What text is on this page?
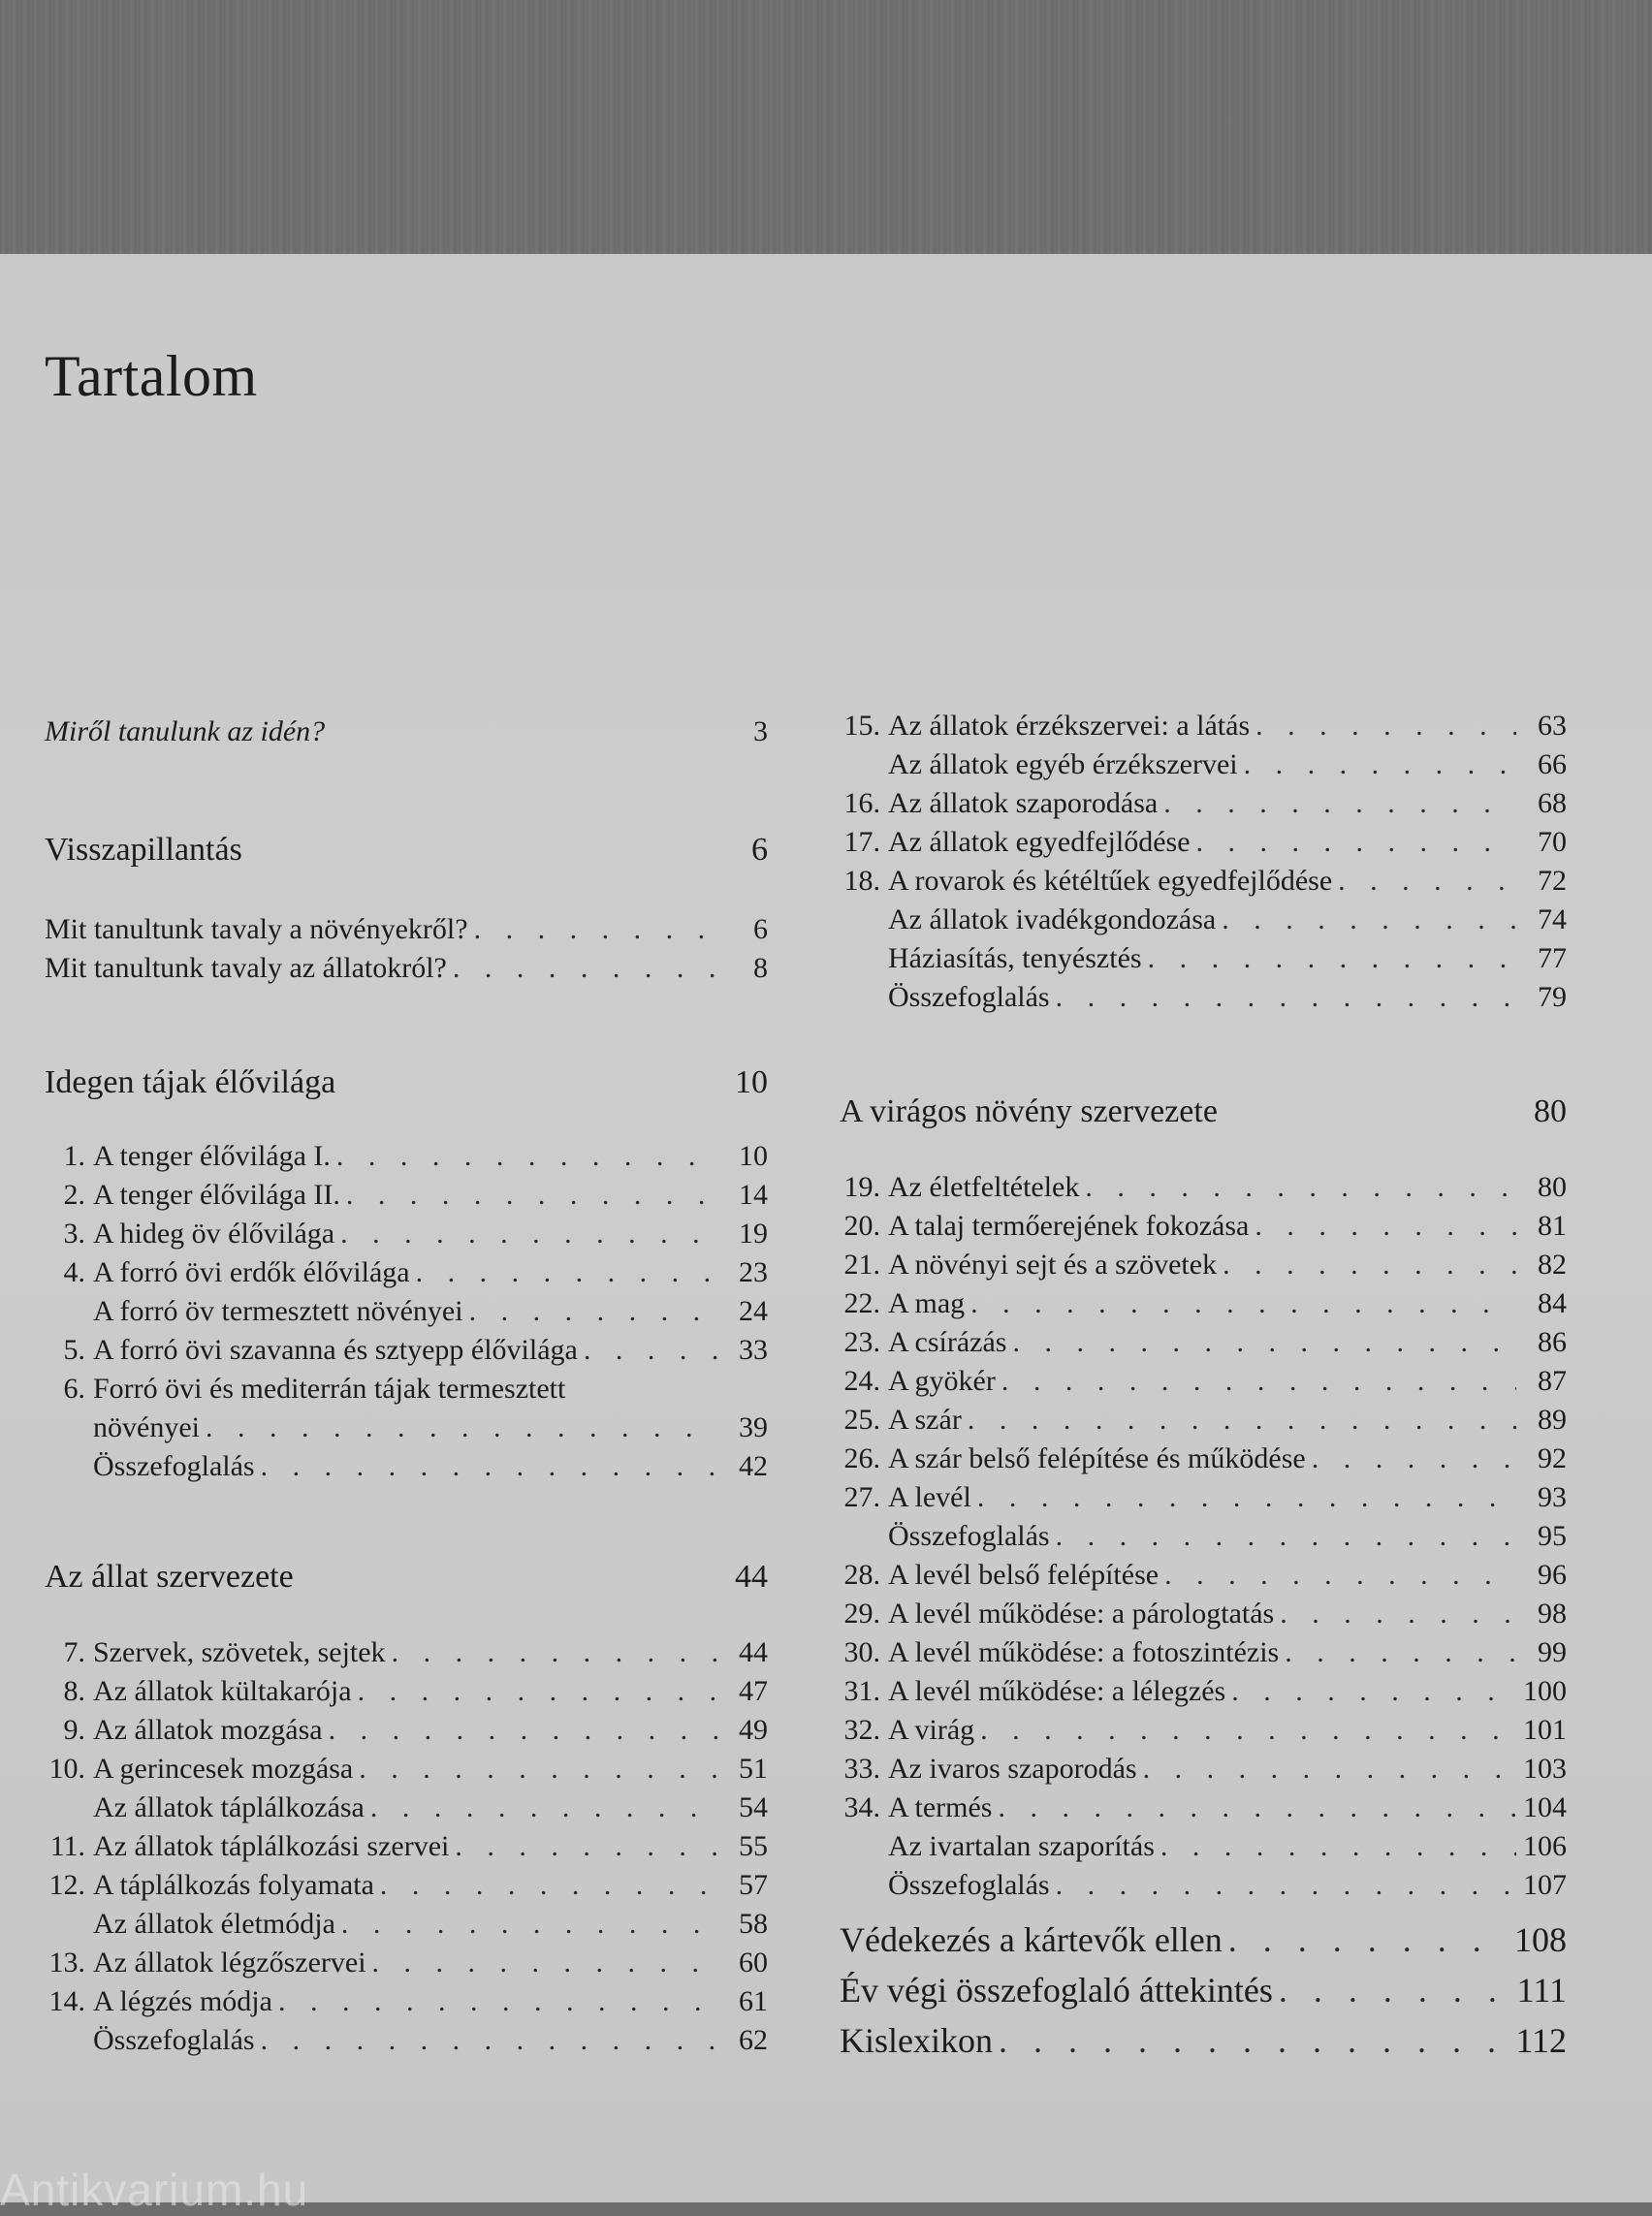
Tartalom
Miről tanulunk az idén?	3
Visszapillantás	6
Mit tanultunk tavaly a növényekről? . . .	6
Mit tanultunk tavaly az állatokról? . . .	8
Idegen tájak élővilága	10
1. A tenger élővilága I. . . .	10
2. A tenger élővilága II. . . .	14
3. A hideg öv élővilága . . .	19
4. A forró övi erdők élővilága . . .	23
A forró öv termesztett növényei . . .	24
5. A forró övi szavanna és sztyepp élővilága . . .	33
6. Forró övi és mediterrán tájak termesztett
növényei . . .	39
Összefoglalás . . .	42
Az állat szervezete	44
7. Szervek, szövetek, sejtek . . .	44
8. Az állatok kültakarója . . .	47
9. Az állatok mozgása . . .	49
10. A gerincesek mozgása . . .	51
Az állatok táplálkozása . . .	54
11. Az állatok táplálkozási szervei . . .	55
12. A táplálkozás folyamata . . .	57
Az állatok életmódja . . .	58
13. Az állatok légzőszervei . . .	60
14. A légzés módja . . .	61
Összefoglalás . . .	62
15. Az állatok érzékszervei: a látás . . .	63
Az állatok egyéb érzékszervei . . .	66
16. Az állatok szaporodása . . .	68
17. Az állatok egyedfejlődése . . .	70
18. A rovarok és kétéltűek egyedfejlődése . . .	72
Az állatok ivadékgondozása . . .	74
Háziasítás, tenyésztés . . .	77
Összefoglalás . . .	79
A virágos növény szervezete	80
19. Az életfeltételek . . .	80
20. A talaj termőerejének fokozása . . .	81
21. A növényi sejt és a szövetek . . .	82
22. A mag . . .	84
23. A csírázás . . .	86
24. A gyökér . . .	87
25. A szár . . .	89
26. A szár belső felépítése és működése . . .	92
27. A levél . . .	93
Összefoglalás . . .	95
28. A levél belső felépítése . . .	96
29. A levél működése: a párologtatás . . .	98
30. A levél működése: a fotoszintézis . . .	99
31. A levél működése: a lélegzés . . .	100
32. A virág . . .	101
33. Az ivaros szaporodás . . .	103
34. A termés . . .	104
Az ivartalan szaporítás . . .	106
Összefoglalás . . .	107
Védekezés a kártevők ellen . . .	108
Év végi összefoglaló áttekintés . . .	111
Kislexikon . . .	112
Antikvarium.hu
